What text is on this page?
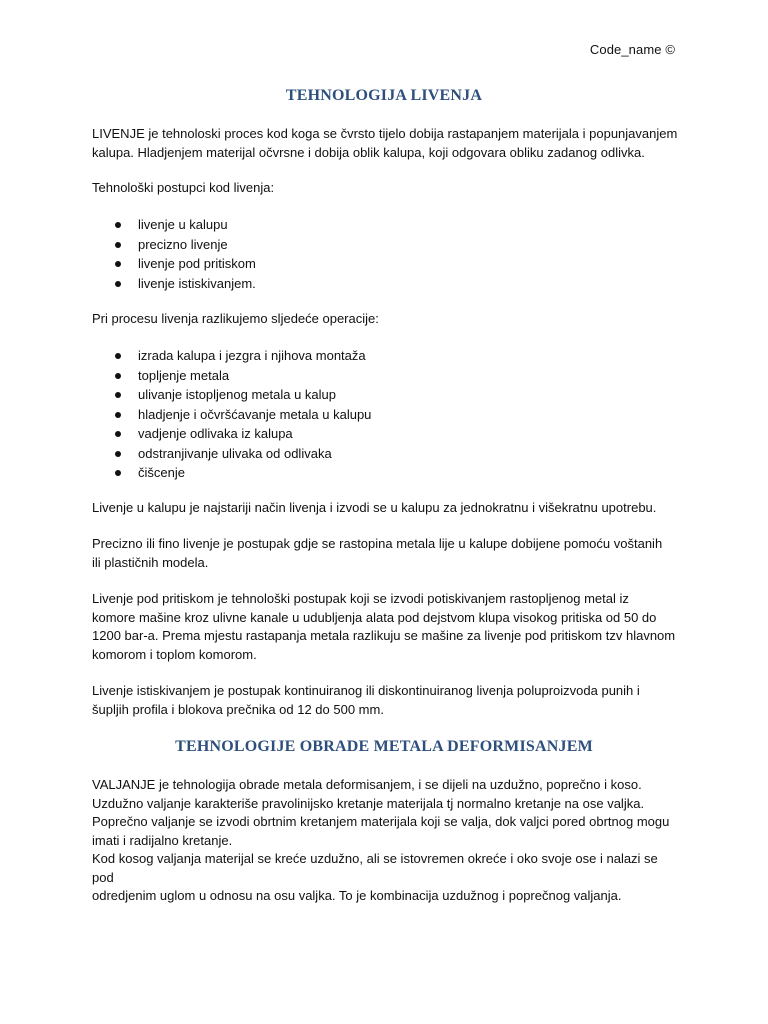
Code_name ©
TEHNOLOGIJA LIVENJA

LIVENJE je tehnoloski proces kod koga se čvrsto tijelo dobija rastapanjem materijala i popunjavanjem

kalupa. Hladjenjem materijal očvrsne i dobija oblik kalupa, koji odgovara obliku zadanog odlivka.

Tehnološki postupci kod livenja:

livenje u kalupu
precizno livenje
livenje pod pritiskom
livenje istiskivanjem.

Pri procesu livenja razlikujemo sljedeće operacije:

izrada kalupa i jezgra i njihova montaža
topljenje metala
ulivanje istopljenog metala u kalup
hladjenje i očvršćavanje metala u kalupu
vadjenje odlivaka iz kalupa
odstranjivanje ulivaka od odlivaka
čišcenje

Livenje u kalupu je najstariji način livenja i izvodi se u kalupu za jednokratnu i višekratnu upotrebu.

Precizno ili fino livenje je postupak gdje se rastopina metala lije u kalupe dobijene pomoću voštanih

ili plastičnih modela.

Livenje pod pritiskom je tehnološki postupak koji se izvodi potiskivanjem rastopljenog metal iz

komore mašine kroz ulivne kanale u udubljenja alata pod dejstvom klupa visokog pritiska od 50 do

1200 bar-a. Prema mjestu rastapanja metala razlikuju se mašine za livenje pod pritiskom tzv hlavnom

komorom i toplom komorom.

Livenje istiskivanjem je postupak kontinuiranog ili diskontinuiranog livenja poluproizvoda punih i

šupljih profila i blokova prečnika od 12 do 500 mm.

TEHNOLOGIJE OBRADE METALA DEFORMISANJEM

VALJANJE je tehnologija obrade metala deformisanjem, i se dijeli na uzdužno, poprečno i koso.

Uzdužno valjanje karakteriše pravolinijsko kretanje materijala tj normalno kretanje na ose valjka.

Poprečno valjanje se izvodi obrtnim kretanjem materijala koji se valja, dok valjci pored obrtnog mogu

imati i radijalno kretanje.

Kod kosog valjanja materijal se kreće uzdužno, ali se istovremen okreće i oko svoje ose i nalazi se pod

odredjenim uglom u odnosu na osu valjka. To je kombinacija uzdužnog i poprečnog valjanja.
